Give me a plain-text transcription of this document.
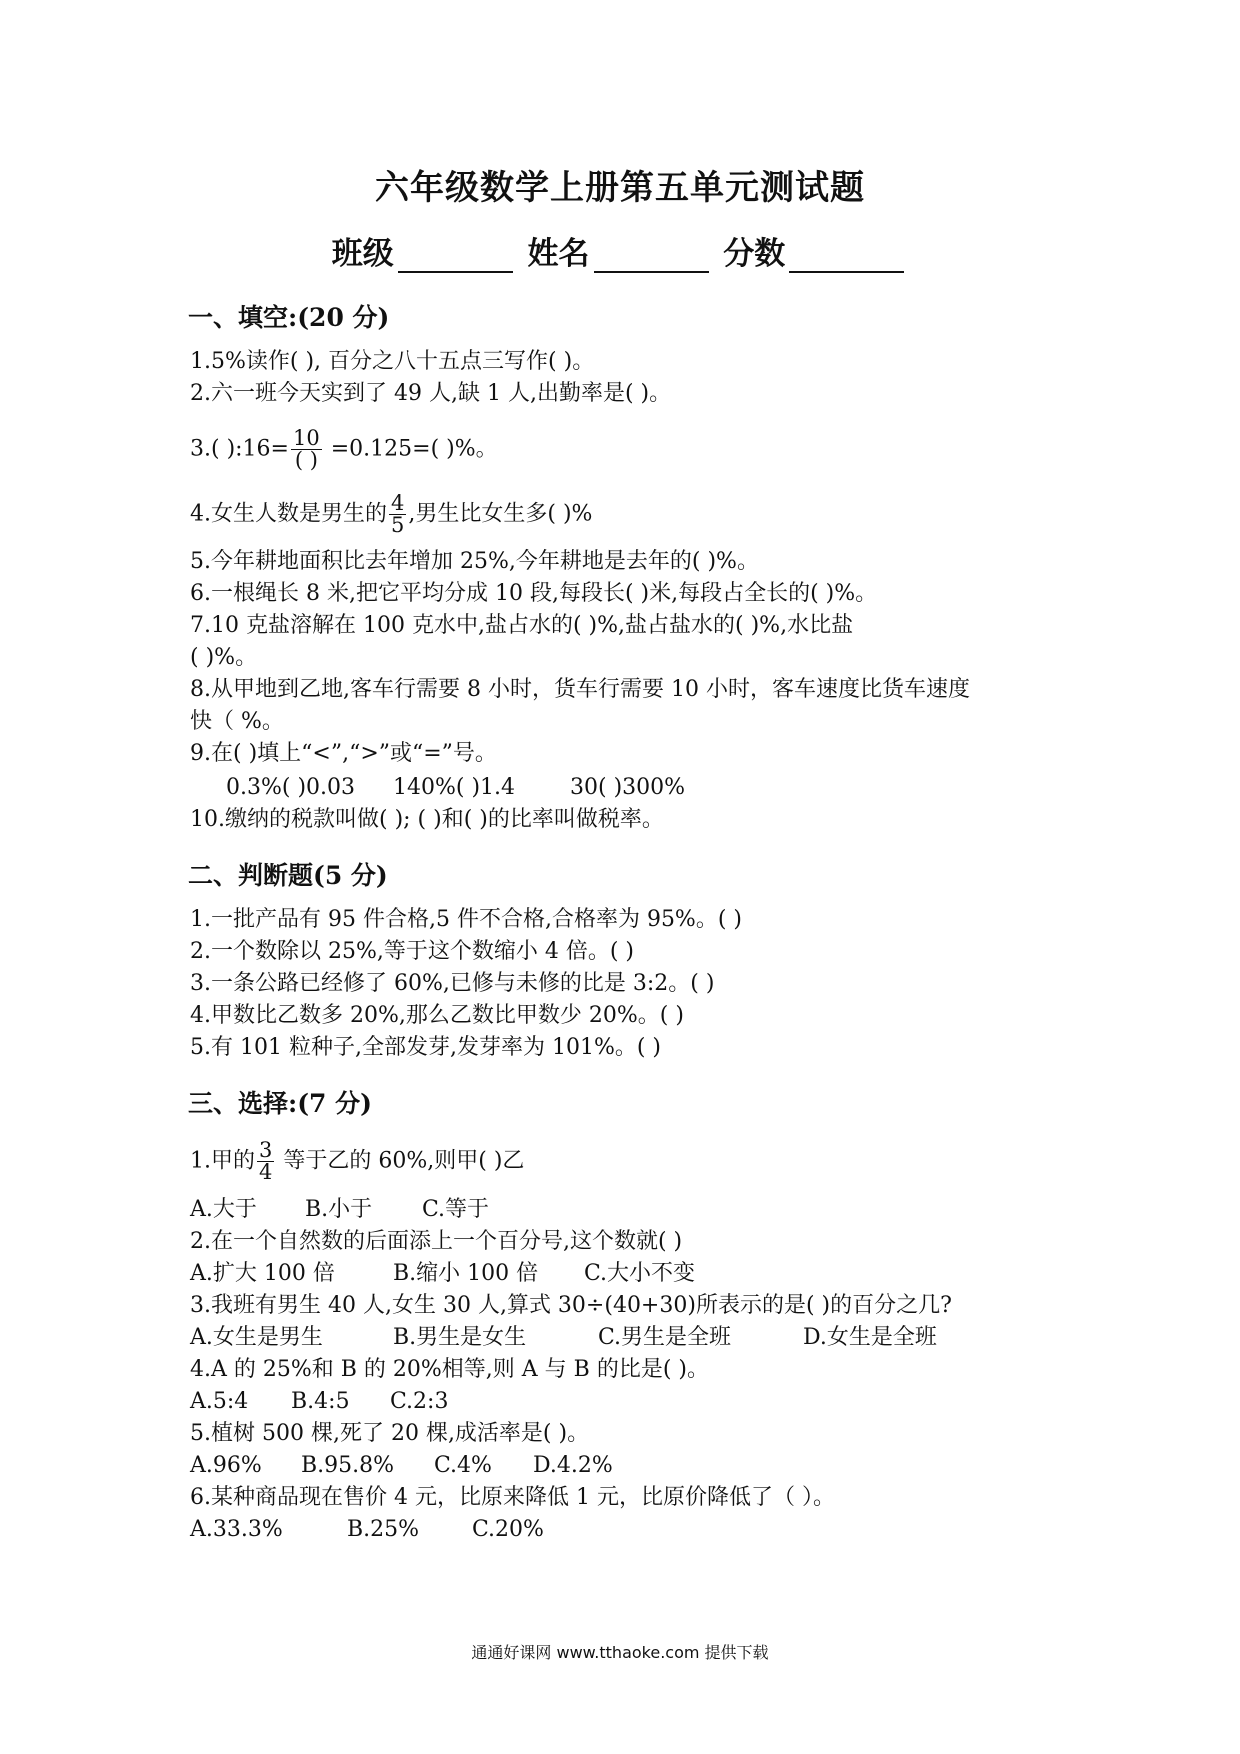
六年级数学上册第五单元测试题
班级	姓名	分数
一、填空:(20 分)
1.5%读作( ), 百分之八十五点三写作( )。
2.六一班今天实到了 49 人,缺 1 人,出勤率是( )。
3.( ):16= $\frac{10}{( )} =0.125=$( )%。
4.女生人数是男生的 $\frac{4}{5}$ ,男生比女生多( )%
5.今年耕地面积比去年增加 25%,今年耕地是去年的( )%。
6.一根绳长 8 米,把它平均分成 10 段,每段长( )米,每段占全长的( )%。
7.10 克盐溶解在 100 克水中,盐占水的( )%,盐占盐水的( )%,水比盐
( )%。
8.从甲地到乙地,客车行需要 8 小时，货车行需要 10 小时，客车速度比货车速度
快（ %。
9.在( )填上“<”,“>”或“=”号。
0.3%( )0.03 140%( )1.4 30( )300%
10.缴纳的税款叫做( ); ( )和( )的比率叫做税率。
二、判断题(5 分)
1.一批产品有 95 件合格,5 件不合格,合格率为 95%。( )
2.一个数除以 25%,等于这个数缩小 4 倍。( )
3.一条公路已经修了 60%,已修与未修的比是 3:2。( )
4.甲数比乙数多 20%,那么乙数比甲数少 20%。( )
5.有 101 粒种子,全部发芽,发芽率为 101%。( )
三、选择:(7 分)
1.甲的 $\frac{3}{4}$ 等于乙的 60%,则甲( )乙
A.大于 B.小于 C.等于
2.在一个自然数的后面添上一个百分号,这个数就( )
A.扩大 100 倍	B.缩小 100 倍 C.大小不变
3.我班有男生 40 人,女生 30 人,算式 30÷(40+30)所表示的是( )的百分之几?
A.女生是男生	B.男生是女生	C.男生是全班	D.女生是全班
4.A 的 25%和 B 的 20%相等,则 A 与 B 的比是( )。
A.5:4 B.4:5 C.2:3
5.植树 500 棵,死了 20 棵,成活率是( )。
A.96% B.95.8% C.4% D.4.2%
6.某种商品现在售价 4 元，比原来降低 1 元，比原价降低了（ ）。
A.33.3%	B.25% C.20%
通通好课网 www.tthaoke.com 提供下载
